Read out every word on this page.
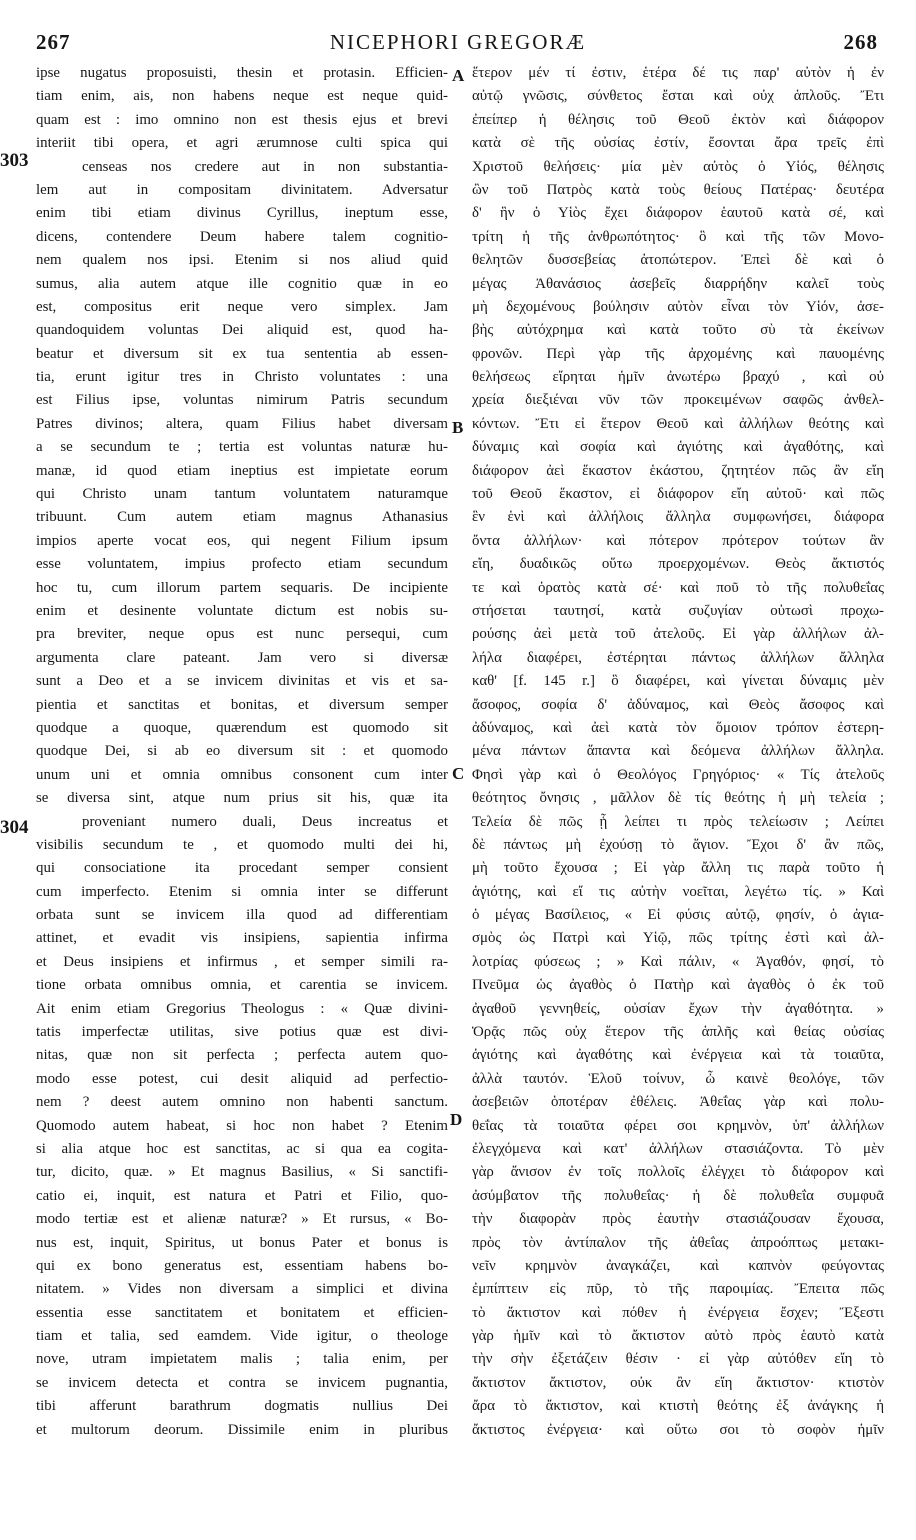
267	NICEPHORI GREGORÆ	268
ipse nugatus proposuisti, thesin et protasin. Efficien-
tiam enim, ais, non habens neque est neque quid-
quam est : imo omnino non est thesis ejus et brevi
interiit tibi opera, et agri ærumnose culti spica qui
censeas nos credere aut in non substantia-
lem aut in compositam divinitatem. Adversatur
enim tibi etiam divinus Cyrillus, ineptum esse,
dicens, contendere Deum habere talem cognitio-
nem qualem nos ipsi. Etenim si nos aliud quid
sumus, alia autem atque ille cognitio quæ in eo
est, compositus erit neque vero simplex. Jam
quandoquidem voluntas Dei aliquid est, quod ha-
beatur et diversum sit ex tua sententia ab essen-
tia, erunt igitur tres in Christo voluntates : una
est Filius ipse, voluntas nimirum Patris secundum
Patres divinos; altera, quam Filius habet diversam
a se secundum te ; tertia est voluntas naturæ hu-
manæ, id quod etiam ineptius est impietate eorum
qui Christo unam tantum voluntatem naturamque
tribuunt. Cum autem etiam magnus Athanasius
impios aperte vocat eos, qui negent Filium ipsum
esse voluntatem, impius profecto etiam secundum
hoc tu, cum illorum partem sequaris. De incipiente
enim et desinente voluntate dictum est nobis su-
pra breviter, neque opus est nunc persequi, cum
argumenta clare pateant. Jam vero si diversæ
sunt a Deo et a se invicem divinitas et vis et sa-
pientia et sanctitas et bonitas, et diversum semper
quodque a quoque, quærendum est quomodo sit
quodque Dei, si ab eo diversum sit : et quomodo
unum uni et omnia omnibus consonent cum inter
se diversa sint, atque num prius sit his, quæ ita
proveniant numero duali, Deus increatus et
visibilis secundum te , et quomodo multi dei hi,
qui consociatione ita procedant semper consient
cum imperfecto. Etenim si omnia inter se differunt
orbata sunt se invicem illa quod ad differentiam
attinet, et evadit vis insipiens, sapientia infirma
et Deus insipiens et infirmus , et semper simili ra-
tione orbata omnibus omnia, et carentia se invicem.
Ait enim etiam Gregorius Theologus : « Quæ divini-
tatis imperfectæ utilitas, sive potius quæ est divi-
nitas, quæ non sit perfecta ; perfecta autem quo-
modo esse potest, cui desit aliquid ad perfectio-
nem ? deest autem omnino non habenti sanctum.
Quomodo autem habeat, si hoc non habet ? Etenim
si alia atque hoc est sanctitas, ac si qua ea cogita-
tur, dicito, quæ. » Et magnus Basilius, « Si sanctifi-
catio ei, inquit, est natura et Patri et Filio, quo-
modo tertiæ est et alienæ naturæ? » Et rursus, « Bo-
nus est, inquit, Spiritus, ut bonus Pater et bonus is
qui ex bono generatus est, essentiam habens bo-
nitatem. » Vides non diversam a simplici et divina
essentia esse sanctitatem et bonitatem et efficien-
tiam et talia, sed eamdem. Vide igitur, o theologe
nove, utram impietatem malis ; talia enim, per
se invicem detecta et contra se invicem pugnantia,
tibi afferunt barathrum dogmatis nullius Dei
et multorum deorum. Dissimile enim in pluribus
ἕτερον μέν τί ἐστιν, ἑτέρα δέ τις παρ' αὐτὸν ἡ ἐν
αὐτῷ γνῶσις, σύνθετος ἔσται καὶ οὐχ ἁπλοῦς. Ἔτι
ἐπείπερ ἡ θέλησις τοῦ Θεοῦ ἐκτὸν καὶ διάφορον
κατὰ σὲ τῆς οὐσίας ἐστίν, ἔσονται ἄρα τρεῖς ἐπὶ
Χριστοῦ θελήσεις· μία μὲν αὐτὸς ὁ Υἱός, θέλησις
ὢν τοῦ Πατρὸς κατὰ τοὺς θείους Πατέρας· δευτέρα
δ' ἣν ὁ Υἱὸς ἔχει διάφορον ἑαυτοῦ κατὰ σέ, καὶ
τρίτη ἡ τῆς ἀνθρωπότητος· ὃ καὶ τῆς τῶν Μονο-
θελητῶν δυσσεβείας ἀτοπώτερον. Ἐπεὶ δὲ καὶ ὁ
μέγας Ἀθανάσιος ἀσεβεῖς διαρρήδην καλεῖ τοὺς
μὴ δεχομένους βούλησιν αὐτὸν εἶναι τὸν Υἱόν, ἀσε-
βὴς αὐτόχρημα καὶ κατὰ τοῦτο σὺ τὰ ἐκείνων
φρονῶν. Περὶ γὰρ τῆς ἀρχομένης καὶ παυομένης
θελήσεως εἴρηται ἡμῖν ἀνωτέρω βραχύ , καὶ οὐ
χρεία διεξιέναι νῦν τῶν προκειμένων σαφῶς ἀνθελ-
κόντων. Ἔτι εἰ ἕτερον Θεοῦ καὶ ἀλλήλων θεότης καὶ
δύναμις καὶ σοφία καὶ ἁγιότης καὶ ἀγαθότης, καὶ
διάφορον ἀεὶ ἕκαστον ἑκάστου, ζητητέον πῶς ἂν εἴη
τοῦ Θεοῦ ἕκαστον, εἰ διάφορον εἴη αὐτοῦ· καὶ πῶς
ἓν ἑνὶ καὶ ἀλλήλοις ἄλληλα συμφωνήσει, διάφορα
ὄντα ἀλλήλων· καὶ πότερον πρότερον τούτων ἂν
εἴη, δυαδικῶς οὕτω προερχομένων. Θεὸς ἄκτιστός
τε καὶ ὁρατὸς κατὰ σέ· καὶ ποῦ τὸ τῆς πολυθεΐας
στήσεται ταυτησί, κατὰ συζυγίαν οὑτωσὶ προχω-
ρούσης ἀεὶ μετὰ τοῦ ἀτελοῦς. Εἰ γὰρ ἀλλήλων ἀλ-
λήλα διαφέρει, ἐστέρηται πάντως ἀλλήλων ἄλληλα
καθ' [f. 145 r.] ὃ διαφέρει, καὶ γίνεται δύναμις μὲν
ἄσοφος, σοφία δ' ἀδύναμος, καὶ Θεὸς ἄσοφος καὶ
ἀδύναμος, καὶ ἀεὶ κατὰ τὸν ὅμοιον τρόπον ἐστερη-
μένα πάντων ἅπαντα καὶ δεόμενα ἀλλήλων ἄλληλα.
Φησὶ γὰρ καὶ ὁ Θεολόγος Γρηγόριος· « Τίς ἀτελοῦς
θεότητος ὄνησις , μᾶλλον δὲ τίς θεότης ἡ μὴ τελεία ;
Τελεία δὲ πῶς ᾗ λείπει τι πρὸς τελείωσιν ; Λείπει
δὲ πάντως μὴ ἐχούσῃ τὸ ἅγιον. Ἔχοι δ' ἂν πῶς,
μὴ τοῦτο ἔχουσα ; Εἰ γὰρ ἄλλη τις παρὰ τοῦτο ἡ
ἁγιότης, καὶ εἴ τις αὐτὴν νοεῖται, λεγέτω τίς. » Καὶ
ὁ μέγας Βασίλειος, « Εἰ φύσις αὐτῷ, φησίν, ὁ ἁγια-
σμὸς ὡς Πατρὶ καὶ Υἱῷ, πῶς τρίτης ἐστὶ καὶ ἀλ-
λοτρίας φύσεως ; » Καὶ πάλιν, « Ἀγαθόν, φησί, τὸ
Πνεῦμα ὡς ἀγαθὸς ὁ Πατὴρ καὶ ἀγαθὸς ὁ ἐκ τοῦ
ἀγαθοῦ γεννηθείς, οὐσίαν ἔχων τὴν ἀγαθότητα. »
Ὁρᾷς πῶς οὐχ ἕτερον τῆς ἁπλῆς καὶ θείας οὐσίας
ἁγιότης καὶ ἀγαθότης καὶ ἐνέργεια καὶ τὰ τοιαῦτα,
ἀλλὰ ταυτόν. Ἑλοῦ τοίνυν, ὦ καινὲ θεολόγε, τῶν
ἀσεβειῶν ὁποτέραν ἐθέλεις. Ἀθεΐας γὰρ καὶ πολυ-
θεΐας τὰ τοιαῦτα φέρει σοι κρημνὸν, ὑπ' ἀλλήλων
ἐλεγχόμενα καὶ κατ' ἀλλήλων στασιάζοντα. Τὸ μὲν
γὰρ ἄνισον ἐν τοῖς πολλοῖς ἐλέγχει τὸ διάφορον καὶ
ἀσύμβατον τῆς πολυθεΐας· ἡ δὲ πολυθεΐα συμφυᾶ
τὴν διαφορὰν πρὸς ἑαυτὴν στασιάζουσαν ἔχουσα,
πρὸς τὸν ἀντίπαλον τῆς ἀθεΐας ἀπροόπτως μετακι-
νεῖν κρημνὸν ἀναγκάζει, καὶ καπνὸν φεύγοντας
ἐμπίπτειν εἰς πῦρ, τὸ τῆς παροιμίας. Ἔπειτα πῶς
τὸ ἄκτιστον καὶ πόθεν ἡ ἐνέργεια ἔσχεν; Ἔξεστι
γὰρ ἡμῖν καὶ τὸ ἄκτιστον αὐτὸ πρὸς ἑαυτὸ κατὰ
τὴν σὴν ἐξετάζειν θέσιν · εἰ γὰρ αὐτόθεν εἴη τὸ
ἄκτιστον ἄκτιστον, οὐκ ἂν εἴη ἄκτιστον· κτιστὸν
ἄρα τὸ ἄκτιστον, καὶ κτιστὴ θεότης ἐξ ἀνάγκης ἡ
ἄκτιστος ἐνέργεια· καὶ οὕτω σοι τὸ σοφὸν ἡμῖν
303
304
A
B
C
D
